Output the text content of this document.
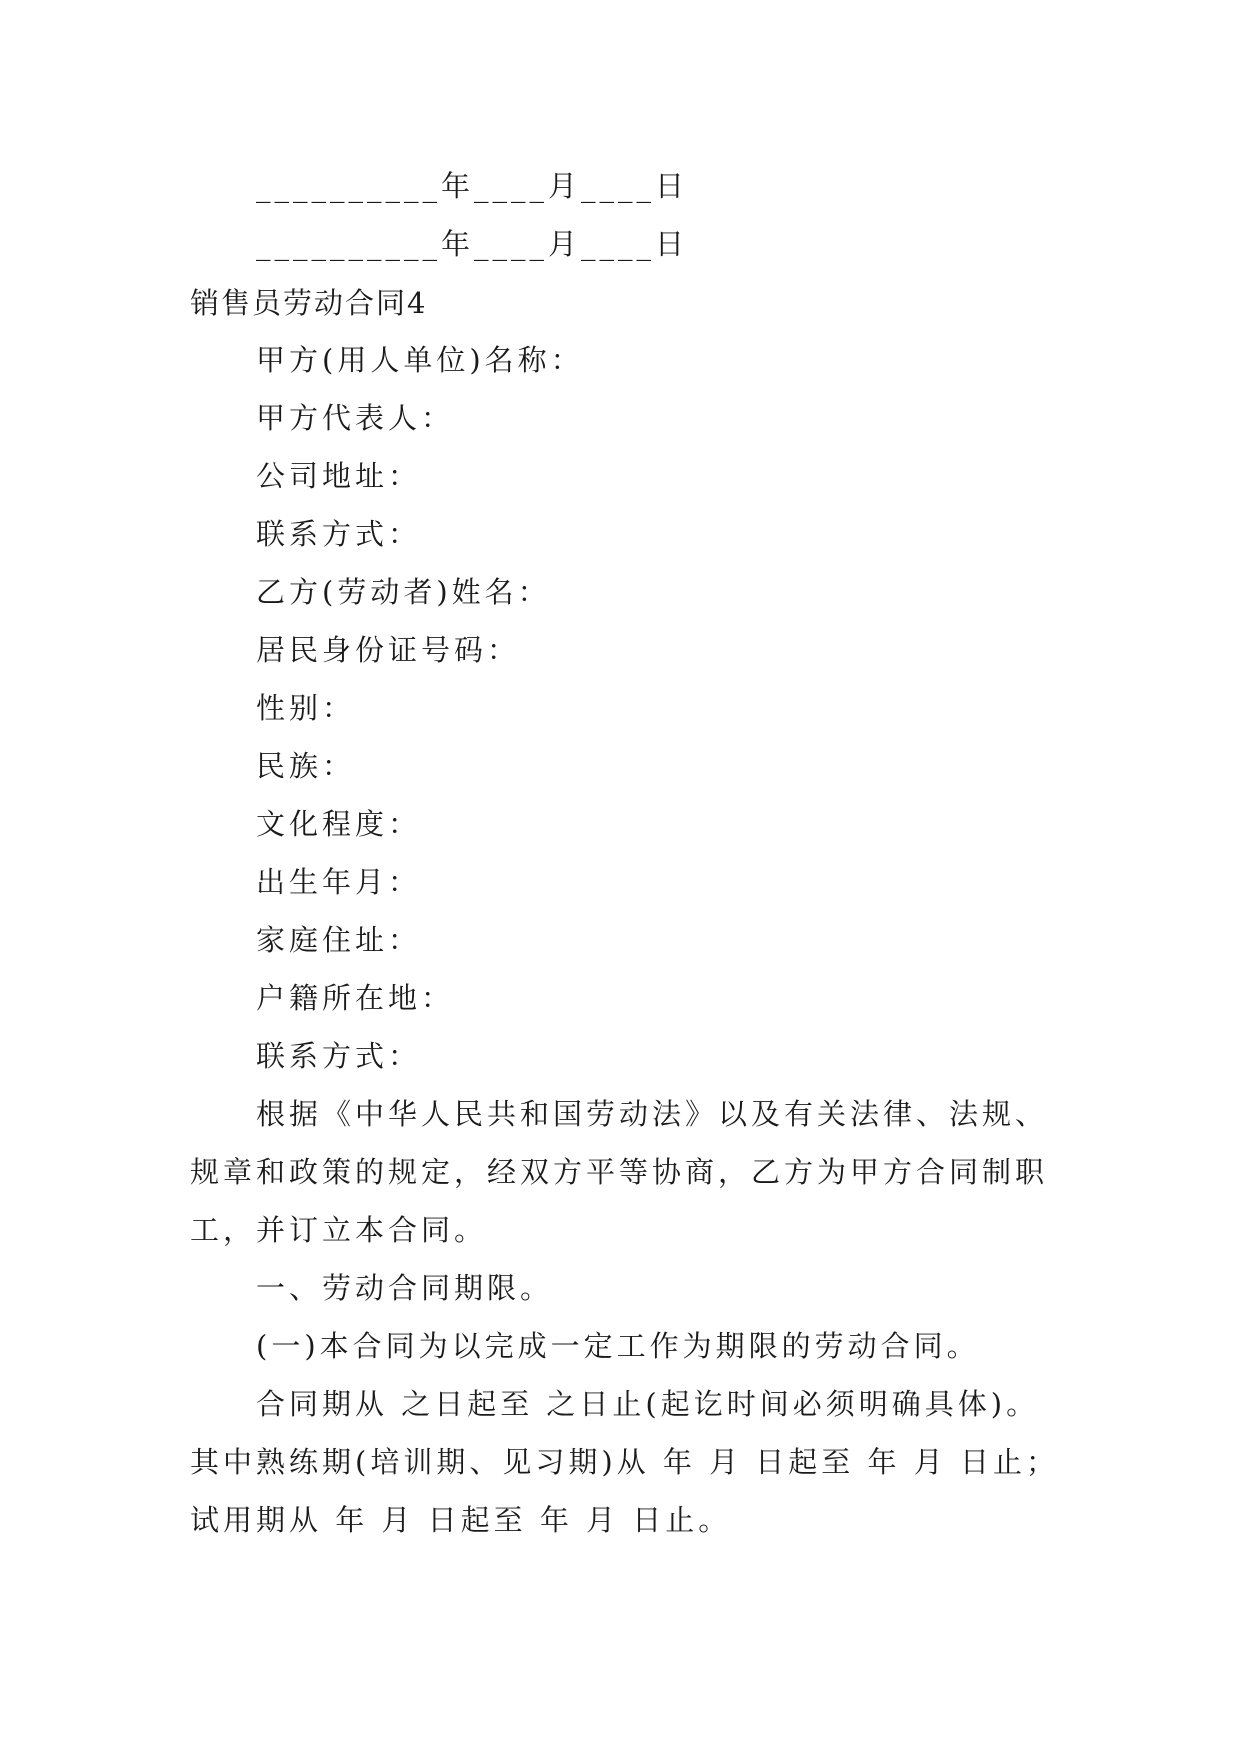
__________年____月____日
__________年____月____日
销售员劳动合同4
甲方(用人单位)名称：
甲方代表人：
公司地址：
联系方式：
乙方(劳动者)姓名：
居民身份证号码：
性别：
民族：
文化程度：
出生年月：
家庭住址：
户籍所在地：
联系方式：
根据《中华人民共和国劳动法》以及有关法律、法规、
规章和政策的规定，经双方平等协商，乙方为甲方合同制职
工，并订立本合同。
一、劳动合同期限。
(一)本合同为以完成一定工作为期限的劳动合同。
合同期从 之日起至 之日止(起讫时间必须明确具体)。
其中熟练期(培训期、见习期)从 年 月 日起至 年 月 日止；
试用期从 年 月 日起至 年 月 日止。
